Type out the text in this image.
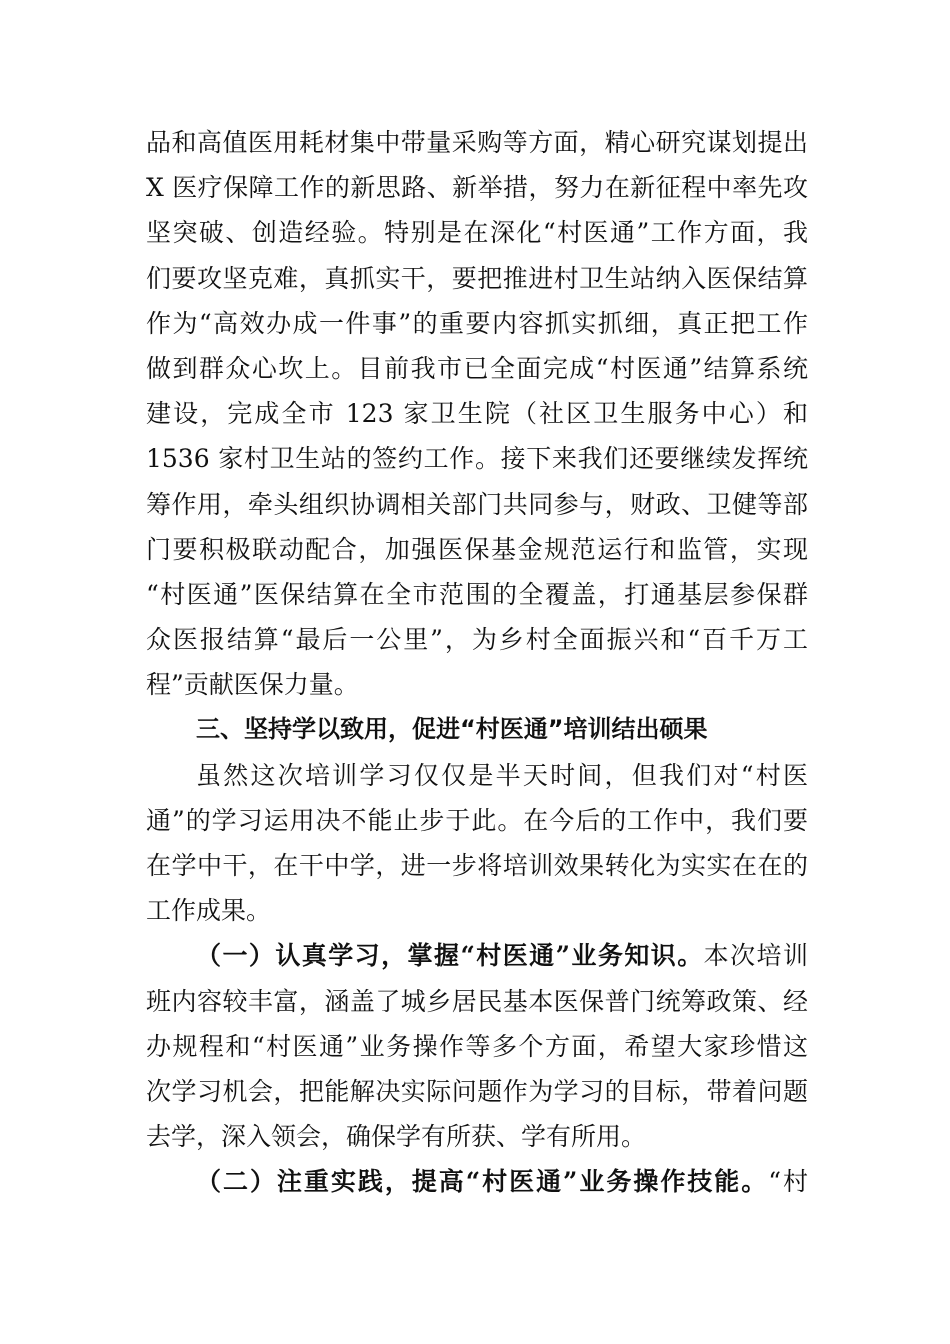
品和高值医用耗材集中带量采购等方面，精心研究谋划提出
X 医疗保障工作的新思路、新举措，努力在新征程中率先攻
坚突破、创造经验。特别是在深化“村医通”工作方面，我
们要攻坚克难，真抓实干，要把推进村卫生站纳入医保结算
作为“高效办成一件事”的重要内容抓实抓细，真正把工作
做到群众心坎上。目前我市已全面完成“村医通”结算系统
建设，完成全市 123 家卫生院（社区卫生服务中心）和
1536 家村卫生站的签约工作。接下来我们还要继续发挥统
筹作用，牵头组织协调相关部门共同参与，财政、卫健等部
门要积极联动配合，加强医保基金规范运行和监管，实现
“村医通”医保结算在全市范围的全覆盖，打通基层参保群
众医报结算“最后一公里”，为乡村全面振兴和“百千万工
程”贡献医保力量。
三、坚持学以致用，促进“村医通”培训结出硕果
虽然这次培训学习仅仅是半天时间，但我们对“村医
通”的学习运用决不能止步于此。在今后的工作中，我们要
在学中干，在干中学，进一步将培训效果转化为实实在在的
工作成果。
（一）认真学习，掌握“村医通”业务知识。本次培训
班内容较丰富，涵盖了城乡居民基本医保普门统筹政策、经
办规程和“村医通”业务操作等多个方面，希望大家珍惜这
次学习机会，把能解决实际问题作为学习的目标，带着问题
去学，深入领会，确保学有所获、学有所用。
（二）注重实践，提高“村医通”业务操作技能。“村
